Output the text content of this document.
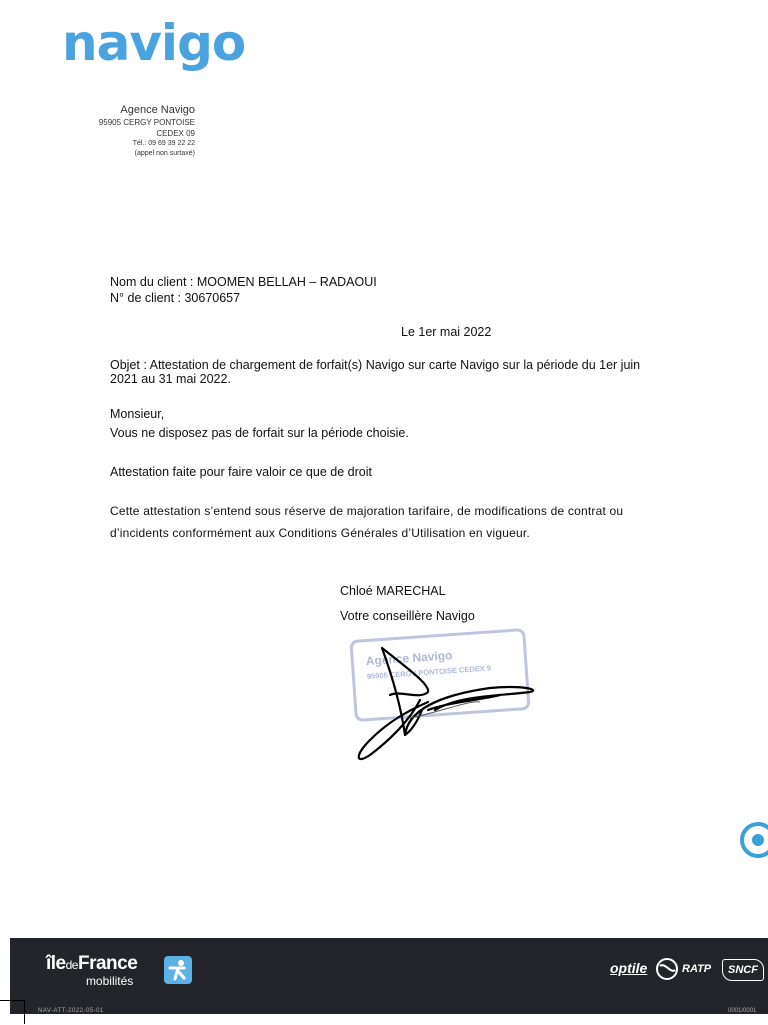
navigo
Agence Navigo
95905 CERGY PONTOISE
CEDEX 09
Tél.: 09 69 39 22 22
(appel non surtaxé)
Nom du client : MOOMEN BELLAH – RADAOUI
N° de client : 30670657
Le 1er mai 2022
Objet : Attestation de chargement de forfait(s) Navigo sur carte Navigo sur la période du 1er juin 2021 au 31 mai 2022.
Monsieur,
Vous ne disposez pas de forfait sur la période choisie.
Attestation faite pour faire valoir ce que de droit
Cette attestation s’entend sous réserve de majoration tarifaire, de modifications de contrat ou d’incidents conformément aux Conditions Générales d’Utilisation en vigueur.
Chloé MARECHAL
Votre conseillère Navigo
Agence Navigo
95905 CERGY PONTOISE CEDEX 9
îledeFrance
mobilités
optile	RATP	SNCF
NAV-ATT-2022-05-01	0001/0001
